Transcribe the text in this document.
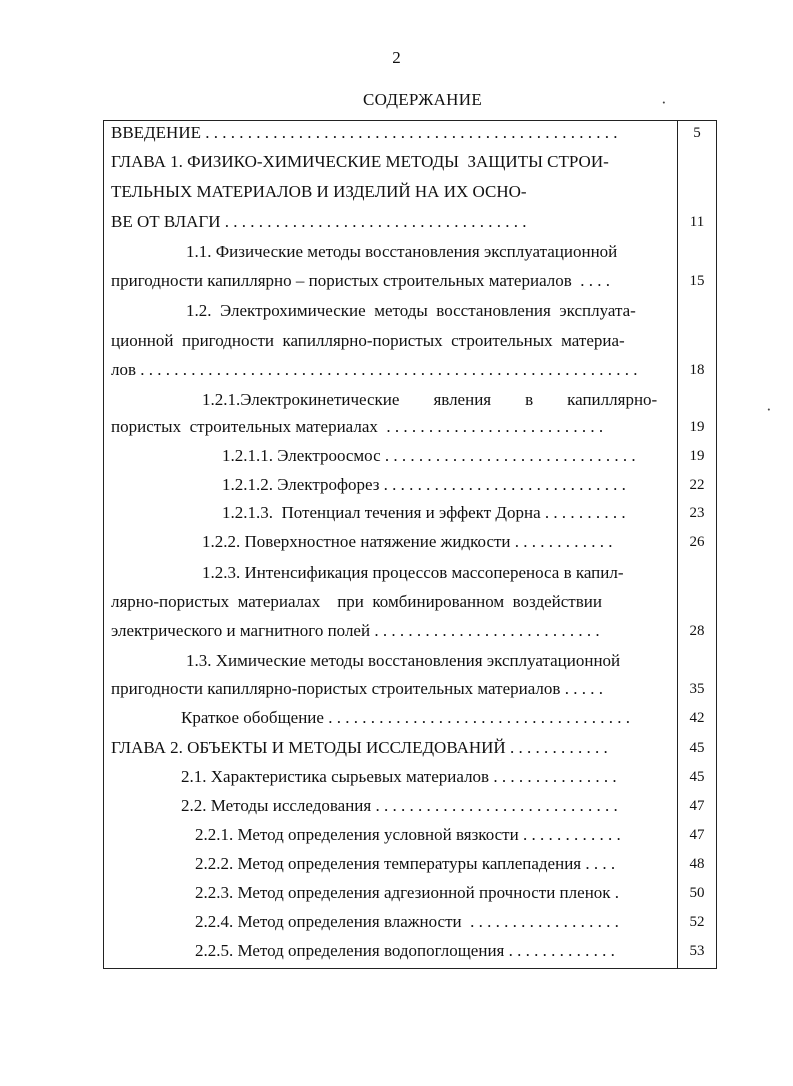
2
СОДЕРЖАНИЕ
ВВЕДЕНИЕ . . . . . . . . . . . . . . . . . . . . . . . . . . . . . . . . . . . . . . . . . . . . . . . . .	5
ГЛАВА 1. ФИЗИКО-ХИМИЧЕСКИЕ МЕТОДЫ  ЗАЩИТЫ СТРОИ-
ТЕЛЬНЫХ МАТЕРИАЛОВ И ИЗДЕЛИЙ НА ИХ ОСНО-
ВЕ ОТ ВЛАГИ . . . . . . . . . . . . . . . . . . . . . . . . . . . . . . . . . . . .	11
1.1. Физические методы восстановления эксплуатационной
пригодности капиллярно – пористых строительных материалов  . . . .	15
1.2.  Электрохимические  методы  восстановления  эксплуата-
ционной  пригодности  капиллярно-пористых  строительных  материа-
лов . . . . . . . . . . . . . . . . . . . . . . . . . . . . . . . . . . . . . . . . . . . . . . . . . . . . . . . . . . .	18
1.2.1.Электрокинетические        явления        в        капиллярно-
пористых  строительных материалах  . . . . . . . . . . . . . . . . . . . . . . . . . .	19
1.2.1.1. Электроосмос . . . . . . . . . . . . . . . . . . . . . . . . . . . . . .	19
1.2.1.2. Электрофорез . . . . . . . . . . . . . . . . . . . . . . . . . . . . .	22
1.2.1.3.  Потенциал течения и эффект Дорна . . . . . . . . . .	23
1.2.2. Поверхностное натяжение жидкости . . . . . . . . . . . .	26
1.2.3. Интенсификация процессов массопереноса в капил-
лярно-пористых  материалах    при  комбинированном  воздействии
электрического и магнитного полей . . . . . . . . . . . . . . . . . . . . . . . . . . .	28
1.3. Химические методы восстановления эксплуатационной
пригодности капиллярно-пористых строительных материалов . . . . .	35
Краткое обобщение . . . . . . . . . . . . . . . . . . . . . . . . . . . . . . . . . . . .	42
ГЛАВА 2. ОБЪЕКТЫ И МЕТОДЫ ИССЛЕДОВАНИЙ . . . . . . . . . . . .	45
2.1. Характеристика сырьевых материалов . . . . . . . . . . . . . . .	45
2.2. Методы исследования . . . . . . . . . . . . . . . . . . . . . . . . . . . . .	47
2.2.1. Метод определения условной вязкости . . . . . . . . . . . .	47
2.2.2. Метод определения температуры каплепадения . . . .	48
2.2.3. Метод определения адгезионной прочности пленок .	50
2.2.4. Метод определения влажности  . . . . . . . . . . . . . . . . . .	52
2.2.5. Метод определения водопоглощения . . . . . . . . . . . . .	53
·
·
